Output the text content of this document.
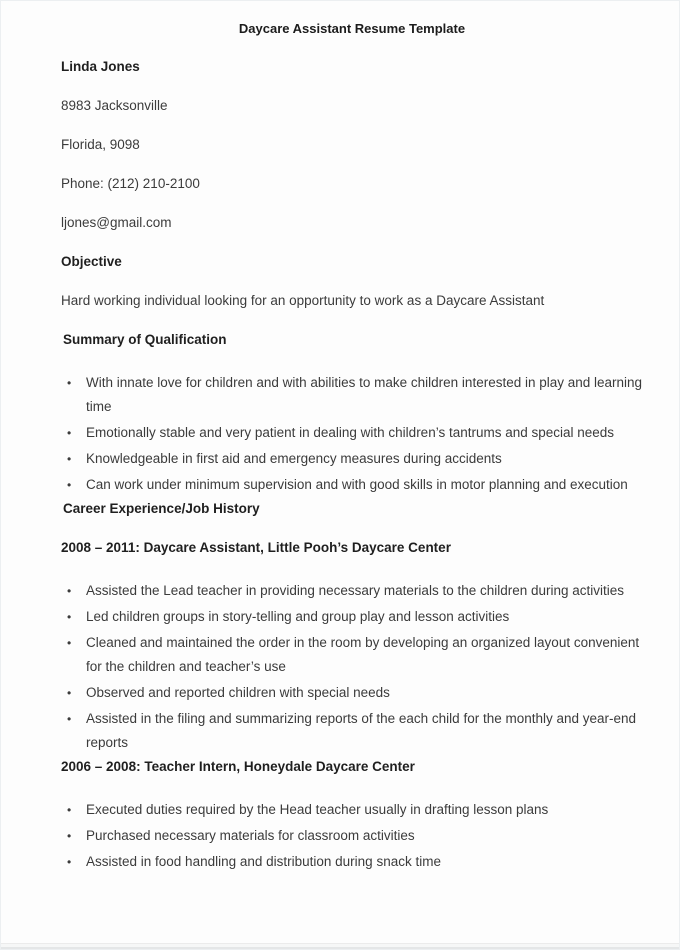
Daycare Assistant Resume Template
Linda Jones
8983 Jacksonville
Florida, 9098
Phone: (212) 210-2100
ljones@gmail.com
Objective
Hard working individual looking for an opportunity to work as a Daycare Assistant
Summary of Qualification
• With innate love for children and with abilities to make children interested in play and learning time
• Emotionally stable and very patient in dealing with children’s tantrums and special needs
• Knowledgeable in first aid and emergency measures during accidents
• Can work under minimum supervision and with good skills in motor planning and execution
Career Experience/Job History
2008 – 2011: Daycare Assistant, Little Pooh’s Daycare Center
• Assisted the Lead teacher in providing necessary materials to the children during activities
• Led children groups in story-telling and group play and lesson activities
• Cleaned and maintained the order in the room by developing an organized layout convenient for the children and teacher’s use
• Observed and reported children with special needs
• Assisted in the filing and summarizing reports of the each child for the monthly and year-end reports
2006 – 2008: Teacher Intern, Honeydale Daycare Center
• Executed duties required by the Head teacher usually in drafting lesson plans
• Purchased necessary materials for classroom activities
• Assisted in food handling and distribution during snack time
